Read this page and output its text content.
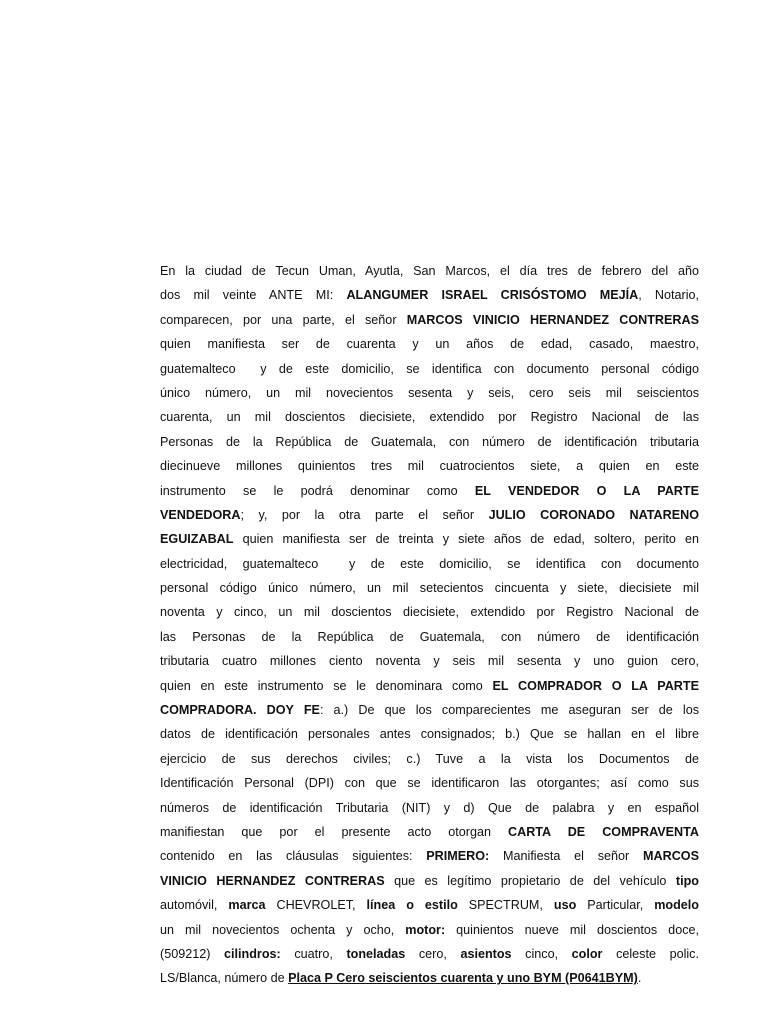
En la ciudad de Tecun Uman, Ayutla, San Marcos, el día tres de febrero del año
dos mil veinte ANTE MI: ALANGUMER ISRAEL CRISÓSTOMO MEJÍA, Notario,
comparecen, por una parte, el señor MARCOS VINICIO HERNANDEZ CONTRERAS
quien manifiesta ser de cuarenta y un años de edad, casado, maestro,
guatemalteco  y de este domicilio, se identifica con documento personal código
único número, un mil novecientos sesenta y seis, cero seis mil seiscientos
cuarenta, un mil doscientos diecisiete, extendido por Registro Nacional de las
Personas de la República de Guatemala, con número de identificación tributaria
diecinueve millones quinientos tres mil cuatrocientos siete, a quien en este
instrumento se le podrá denominar como EL VENDEDOR O LA PARTE
VENDEDORA; y, por la otra parte el señor JULIO CORONADO NATARENO
EGUIZABAL quien manifiesta ser de treinta y siete años de edad, soltero, perito en
electricidad, guatemalteco  y de este domicilio, se identifica con documento
personal código único número, un mil setecientos cincuenta y siete, diecisiete mil
noventa y cinco, un mil doscientos diecisiete, extendido por Registro Nacional de
las Personas de la República de Guatemala, con número de identificación
tributaria cuatro millones ciento noventa y seis mil sesenta y uno guion cero,
quien en este instrumento se le denominara como EL COMPRADOR O LA PARTE
COMPRADORA. DOY FE: a.) De que los comparecientes me aseguran ser de los
datos de identificación personales antes consignados; b.) Que se hallan en el libre
ejercicio de sus derechos civiles; c.) Tuve a la vista los Documentos de
Identificación Personal (DPI) con que se identificaron las otorgantes; así como sus
números de identificación Tributaria (NIT) y d) Que de palabra y en español
manifiestan que por el presente acto otorgan CARTA DE COMPRAVENTA
contenido en las cláusulas siguientes: PRIMERO: Manifiesta el señor MARCOS
VINICIO HERNANDEZ CONTRERAS que es legítimo propietario de del vehículo tipo
automóvil, marca CHEVROLET, línea o estilo SPECTRUM, uso Particular, modelo
un mil novecientos ochenta y ocho, motor: quinientos nueve mil doscientos doce,
(509212) cilindros: cuatro, toneladas cero, asientos cinco, color celeste polic.
LS/Blanca, número de Placa P Cero seiscientos cuarenta y uno BYM (P0641BYM).
